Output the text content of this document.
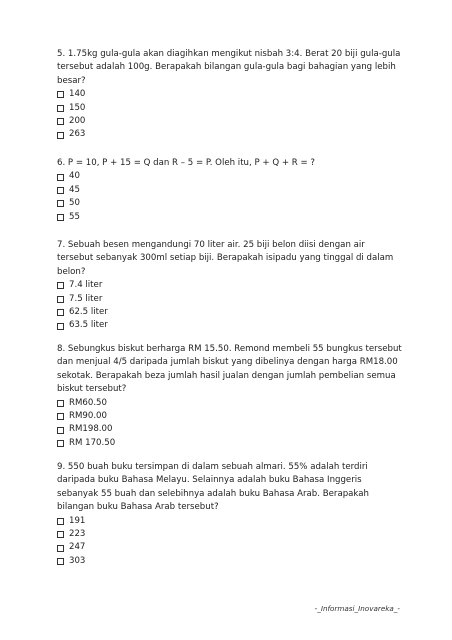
5. 1.75kg gula-gula akan diagihkan mengikut nisbah 3:4. Berat 20 biji gula-gula tersebut adalah 100g. Berapakah bilangan gula-gula bagi bahagian yang lebih besar?

140
150
200
263

6. P = 10, P + 15 = Q dan R – 5 = P. Oleh itu, P + Q + R = ?

40
45
50
55

7. Sebuah besen mengandungi 70 liter air. 25 biji belon diisi dengan air tersebut sebanyak 300ml setiap biji. Berapakah isipadu yang tinggal di dalam belon?

7.4 liter
7.5 liter
62.5 liter
63.5 liter

8. Sebungkus biskut berharga RM 15.50. Remond membeli 55 bungkus tersebut dan menjual 4/5 daripada jumlah biskut yang dibelinya dengan harga RM18.00 sekotak. Berapakah beza jumlah hasil jualan dengan jumlah pembelian semua biskut tersebut?

RM60.50
RM90.00
RM198.00
RM 170.50

9. 550 buah buku tersimpan di dalam sebuah almari. 55% adalah terdiri daripada buku Bahasa Melayu. Selainnya adalah buku Bahasa Inggeris sebanyak 55 buah dan selebihnya adalah buku Bahasa Arab. Berapakah bilangan buku Bahasa Arab tersebut?

191
223
247
303
-_Informasi_Inovareka_-
